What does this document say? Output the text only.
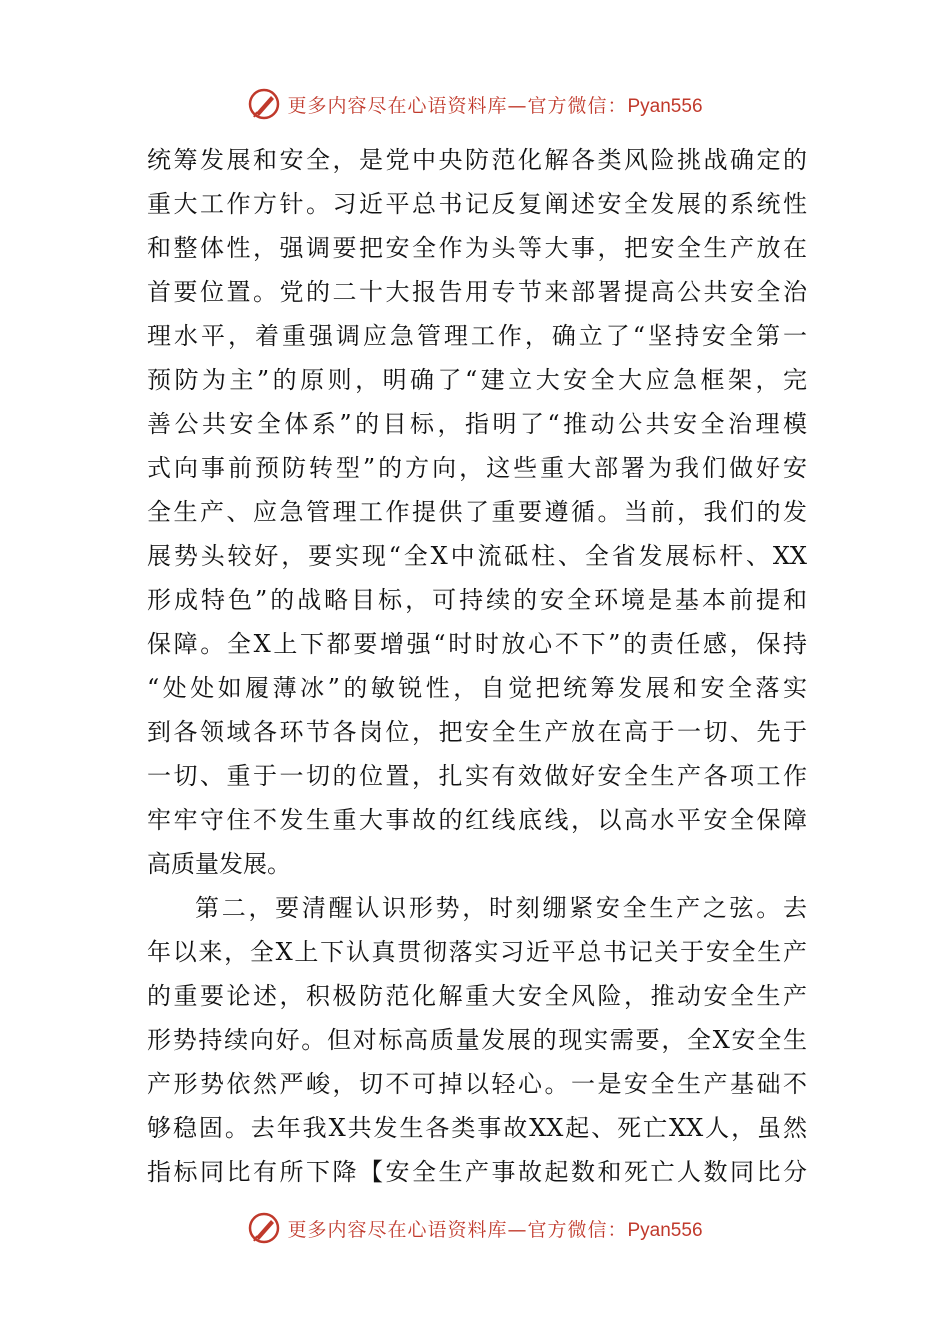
更多内容尽在心语资料库—官方微信：Pyan556
统筹发展和安全，是党中央防范化解各类风险挑战确定的
重大工作方针。习近平总书记反复阐述安全发展的系统性
和整体性，强调要把安全作为头等大事，把安全生产放在
首要位置。党的二十大报告用专节来部署提高公共安全治
理水平，着重强调应急管理工作，确立了“坚持安全第一
预防为主”的原则，明确了“建立大安全大应急框架，完
善公共安全体系”的目标，指明了“推动公共安全治理模
式向事前预防转型”的方向，这些重大部署为我们做好安
全生产、应急管理工作提供了重要遵循。当前，我们的发
展势头较好，要实现“全X中流砥柱、全省发展标杆、XX
形成特色”的战略目标，可持续的安全环境是基本前提和
保障。全X上下都要增强“时时放心不下”的责任感，保持
“处处如履薄冰”的敏锐性，自觉把统筹发展和安全落实
到各领域各环节各岗位，把安全生产放在高于一切、先于
一切、重于一切的位置，扎实有效做好安全生产各项工作
牢牢守住不发生重大事故的红线底线，以高水平安全保障
高质量发展。
第二，要清醒认识形势，时刻绷紧安全生产之弦。去
年以来，全X上下认真贯彻落实习近平总书记关于安全生产
的重要论述，积极防范化解重大安全风险，推动安全生产
形势持续向好。但对标高质量发展的现实需要，全X安全生
产形势依然严峻，切不可掉以轻心。一是安全生产基础不
够稳固。去年我X共发生各类事故XX起、死亡XX人，虽然
指标同比有所下降【安全生产事故起数和死亡人数同比分
更多内容尽在心语资料库—官方微信：Pyan556
